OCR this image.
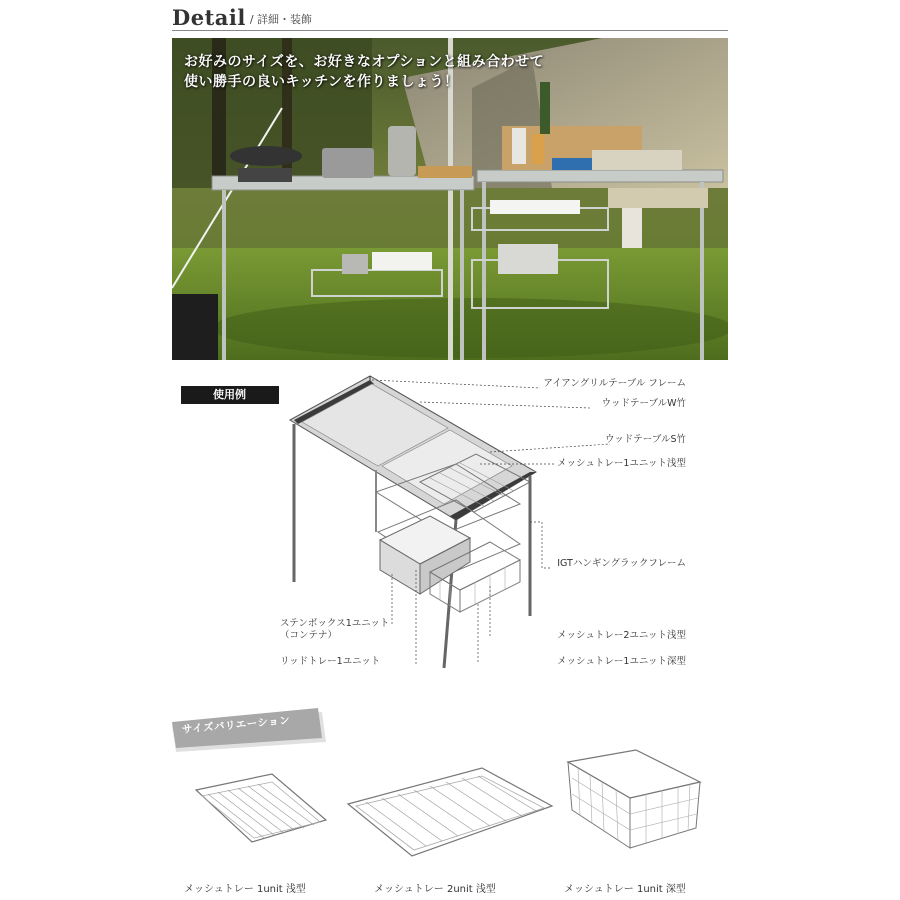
Detail / 詳細・装飾
お好みのサイズを、お好きなオプションと組み合わせて
使い勝手の良いキッチンを作りましょう！
使用例
アイアングリルテーブル フレーム
ウッドテーブルW竹
ウッドテーブルS竹
メッシュトレー1ユニット浅型
IGTハンギングラックフレーム
ステンボックス1ユニット
（コンテナ）
リッドトレー1ユニット
メッシュトレー2ユニット浅型
メッシュトレー1ユニット深型
サイズバリエーション
メッシュトレー 1unit 浅型	メッシュトレー 2unit 浅型	メッシュトレー 1unit 深型
